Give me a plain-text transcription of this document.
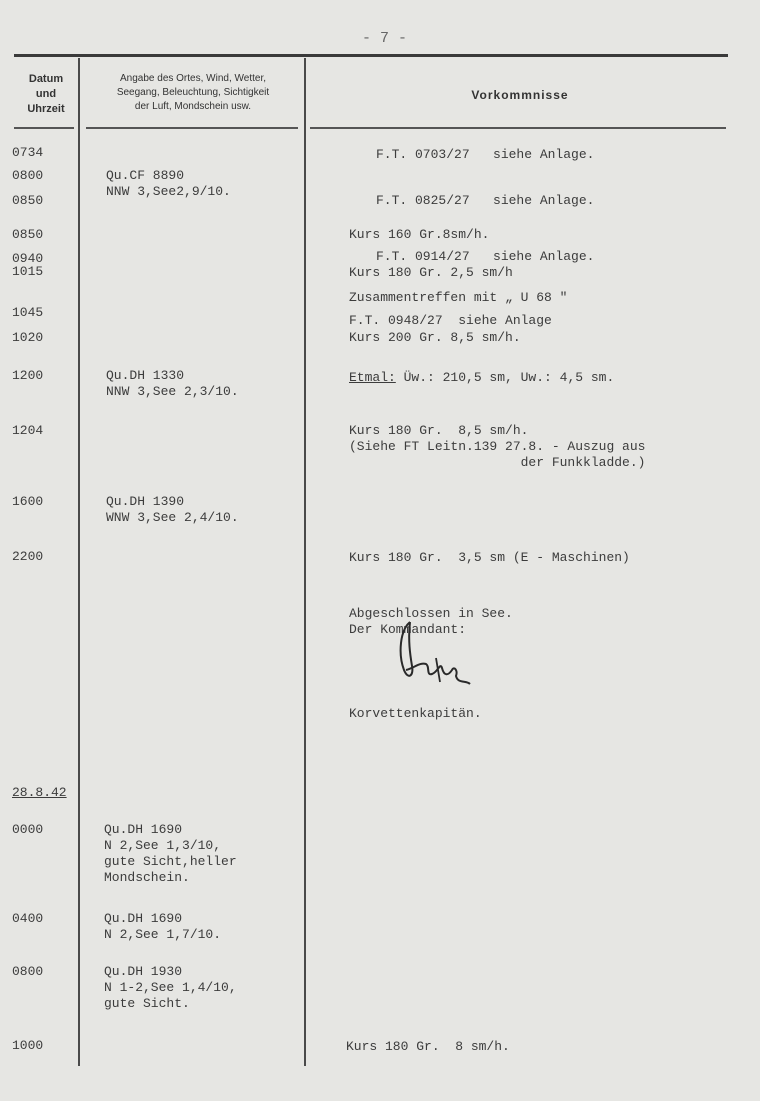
- 7 -
Datum
und
Uhrzeit
Angabe des Ortes, Wind, Wetter,
Seegang, Beleuchtung, Sichtigkeit
der Luft, Mondschein usw.
Vorkommnisse
0734
0800
0850
0850
0940
1015
1045
1020
1200
1204
1600
2200
28.8.42
0000
0400
0800
1000
Qu.CF 8890
NNW 3,See2,9/10.
Qu.DH 1330
NNW 3,See 2,3/10.
Qu.DH 1390
WNW 3,See 2,4/10.
Qu.DH 1690
N 2,See 1,3/10,
gute Sicht,heller
Mondschein.
Qu.DH 1690
N 2,See 1,7/10.
Qu.DH 1930
N 1-2,See 1,4/10,
gute Sicht.
F.T. 0703/27   siehe Anlage.
F.T. 0825/27   siehe Anlage.
Kurs 160 Gr.8sm/h.
F.T. 0914/27   siehe Anlage.
Kurs 180 Gr. 2,5 sm/h
Zusammentreffen mit „ U 68 "
F.T. 0948/27  siehe Anlage
Kurs 200 Gr. 8,5 sm/h.
Etmal: Üw.: 210,5 sm, Uw.: 4,5 sm.
Kurs 180 Gr.  8,5 sm/h.
(Siehe FT Leitn.139 27.8. - Auszug aus
der Funkkladde.)
Kurs 180 Gr.  3,5 sm (E - Maschinen)
Abgeschlossen in See.
Der Kommandant:
Korvettenkapitän.
Kurs 180 Gr.  8 sm/h.
